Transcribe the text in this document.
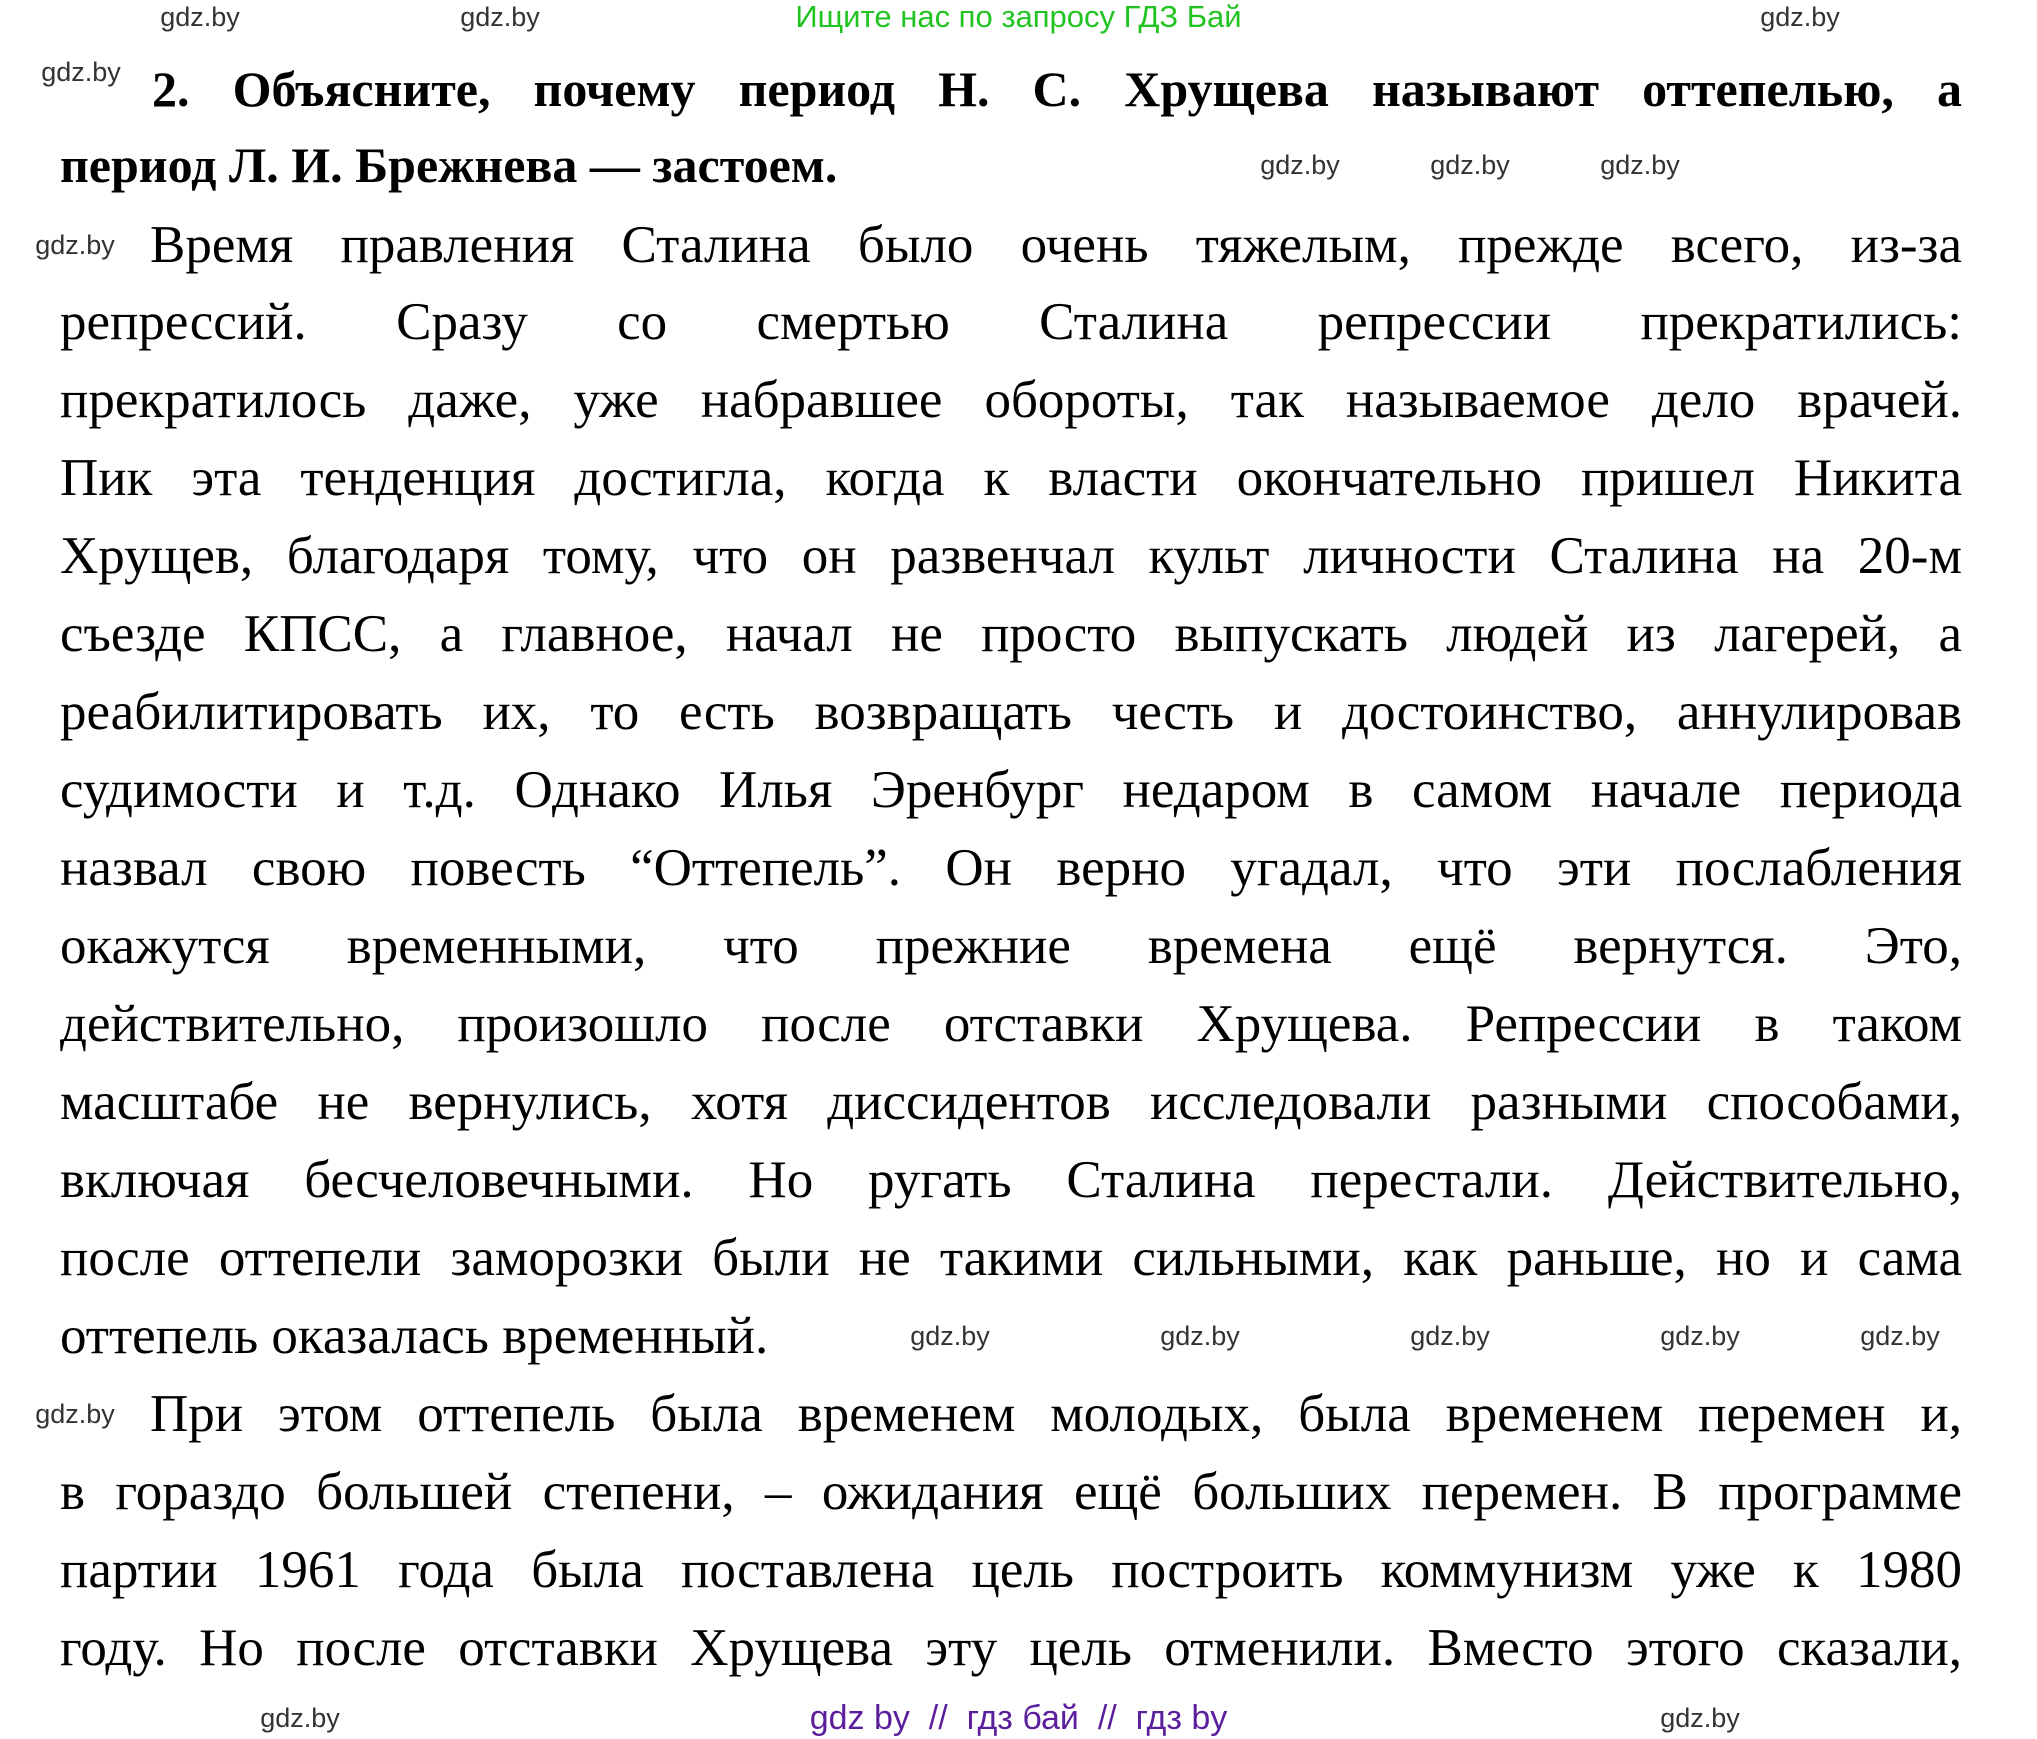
Ищите нас по запросу ГДЗ Бай
2. Объясните, почему период Н. С. Хрущева называют оттепелью, а
период Л. И. Брежнева — застоем.
Время правления Сталина было очень тяжелым, прежде всего, из-за
репрессий. Сразу со смертью Сталина репрессии прекратились:
прекратилось даже, уже набравшее обороты, так называемое дело врачей.
Пик эта тенденция достигла, когда к власти окончательно пришел Никита
Хрущев, благодаря тому, что он развенчал культ личности Сталина на 20-м
съезде КПСС, а главное, начал не просто выпускать людей из лагерей, а
реабилитировать их, то есть возвращать честь и достоинство, аннулировав
судимости и т.д. Однако Илья Эренбург недаром в самом начале периода
назвал свою повесть “Оттепель”. Он верно угадал, что эти послабления
окажутся временными, что прежние времена ещё вернутся. Это,
действительно, произошло после отставки Хрущева. Репрессии в таком
масштабе не вернулись, хотя диссидентов исследовали разными способами,
включая бесчеловечными. Но ругать Сталина перестали. Действительно,
после оттепели заморозки были не такими сильными, как раньше, но и сама
оттепель оказалась временный.
При этом оттепель была временем молодых, была временем перемен и,
в гораздо большей степени, – ожидания ещё больших перемен. В программе
партии 1961 года была поставлена цель построить коммунизм уже к 1980
году. Но после отставки Хрущева эту цель отменили. Вместо этого сказали,
gdz by  //  гдз бай  //  гдз by
gdz.by
gdz.by	gdz.by	gdz.by
gdz.by
gdz.by	gdz.by	gdz.by	gdz.by	gdz.by
gdz.by
gdz.by	gdz.by	gdz.by
gdz.by	gdz.by
